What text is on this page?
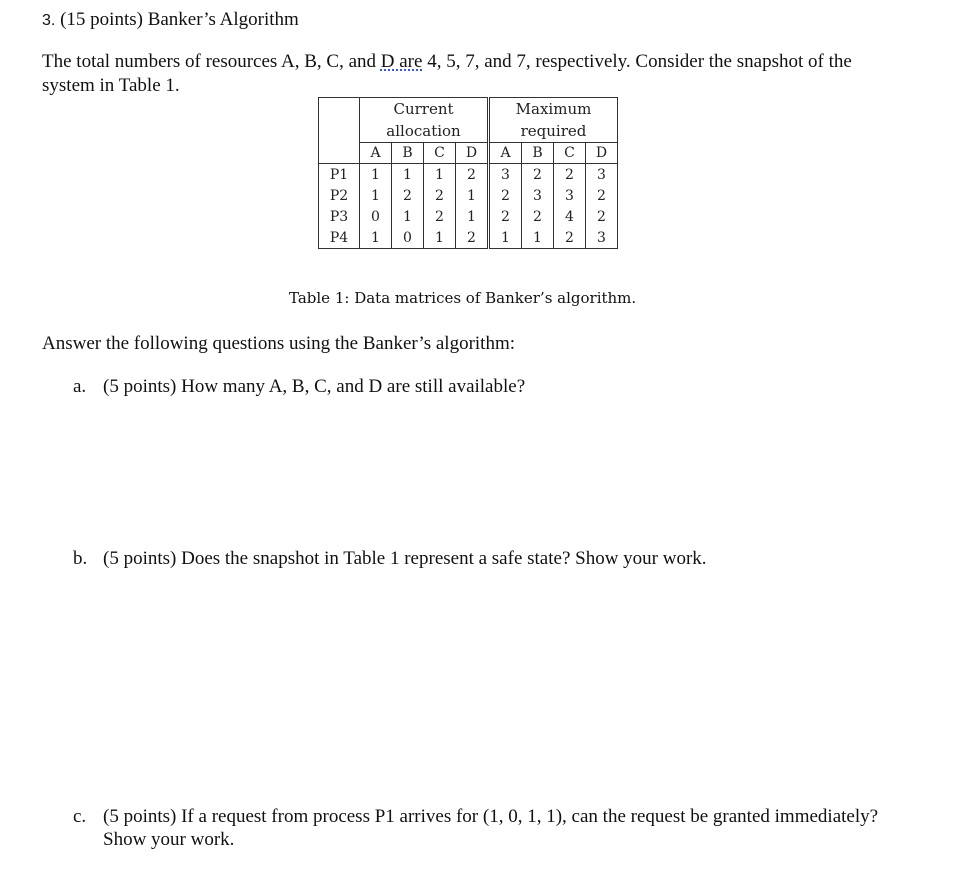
3. (15 points) Banker’s Algorithm
The total numbers of resources A, B, C, and D are 4, 5, 7, and 7, respectively. Consider the snapshot of the
system in Table 1.
	Current
allocation				Maximum
required			
	A	B	C	D	A	B	C	D
P1	1	1	1	2	3	2	2	3
P2	1	2	2	1	2	3	3	2
P3	0	1	2	1	2	2	4	2
P4	1	0	1	2	1	1	2	3
Table 1: Data matrices of Banker’s algorithm.
Answer the following questions using the Banker’s algorithm:
a. (5 points) How many A, B, C, and D are still available?
b. (5 points) Does the snapshot in Table 1 represent a safe state? Show your work.
c. (5 points) If a request from process P1 arrives for (1, 0, 1, 1), can the request be granted immediately?
Show your work.
